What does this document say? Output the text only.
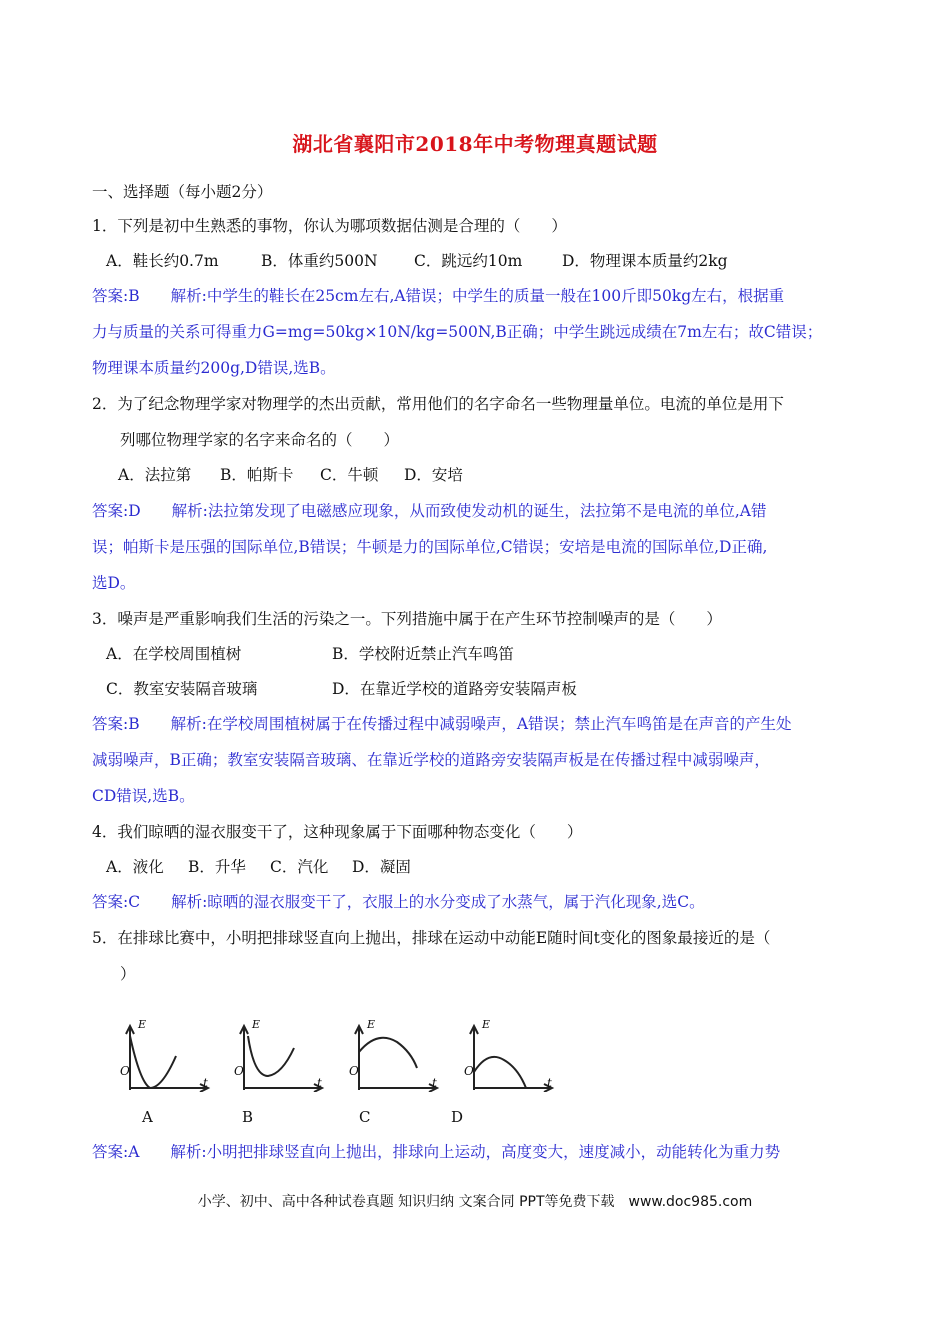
湖北省襄阳市2018年中考物理真题试题
一、选择题（每小题2分）
1．下列是初中生熟悉的事物，你认为哪项数据估测是合理的（　　）
A．鞋长约0.7m	B．体重约500N C．跳远约10m	D．物理课本质量约2kg
答案:B　　解析:中学生的鞋长在25cm左右,A错误；中学生的质量一般在100斤即50kg左右，根据重
力与质量的关系可得重力G=mg=50kg×10N/kg=500N,B正确；中学生跳远成绩在7m左右；故C错误；
物理课本质量约200g,D错误,选B。
2．为了纪念物理学家对物理学的杰出贡献，常用他们的名字命名一些物理量单位。电流的单位是用下
列哪位物理学家的名字来命名的（　　）
A．法拉第 B．帕斯卡 C．牛顿 D．安培
答案:D　　解析:法拉第发现了电磁感应现象，从而致使发动机的诞生，法拉第不是电流的单位,A错
误；帕斯卡是压强的国际单位,B错误；牛顿是力的国际单位,C错误；安培是电流的国际单位,D正确,
选D。
3．噪声是严重影响我们生活的污染之一。下列措施中属于在产生环节控制噪声的是（　　）
A．在学校周围植树	B．学校附近禁止汽车鸣笛
C．教室安装隔音玻璃	D．在靠近学校的道路旁安装隔声板
答案:B　　解析:在学校周围植树属于在传播过程中减弱噪声，A错误；禁止汽车鸣笛是在声音的产生处
减弱噪声，B正确；教室安装隔音玻璃、在靠近学校的道路旁安装隔声板是在传播过程中减弱噪声，
CD错误,选B。
4．我们晾晒的湿衣服变干了，这种现象属于下面哪种物态变化（　　）
A．液化 B．升华 C．汽化 D．凝固
答案:C　　解析:晾晒的湿衣服变干了，衣服上的水分变成了水蒸气，属于汽化现象,选C。
5．在排球比赛中，小明把排球竖直向上抛出，排球在运动中动能E随时间t变化的图象最接近的是（
）
E
O
t
E
O
t
E
O
t
E
O
t
A	B	C	D
答案:A　　解析:小明把排球竖直向上抛出，排球向上运动，高度变大，速度减小，动能转化为重力势
小学、初中、高中各种试卷真题 知识归纳 文案合同 PPT等免费下载　www.doc985.com
